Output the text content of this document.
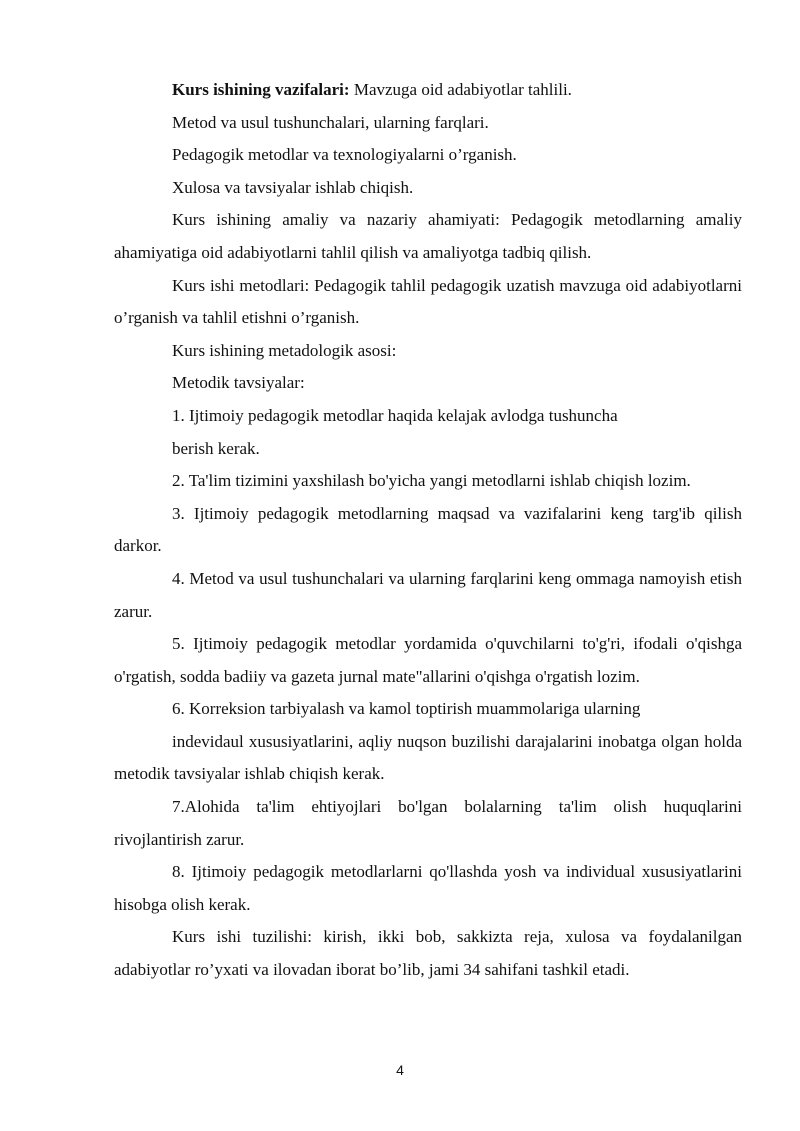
Kurs ishining vazifalari: Mavzuga oid adabiyotlar tahlili.

Metod va usul tushunchalari, ularning farqlari.

Pedagogik metodlar va texnologiyalarni o’rganish.

Xulosa va tavsiyalar ishlab chiqish.

Kurs ishining amaliy va nazariy ahamiyati: Pedagogik metodlarning amaliy ahamiyatiga oid adabiyotlarni tahlil qilish va amaliyotga tadbiq qilish.

Kurs ishi metodlari: Pedagogik tahlil pedagogik uzatish mavzuga oid adabiyotlarni o’rganish va tahlil etishni o’rganish.

Kurs ishining metadologik asosi:

Metodik tavsiyalar:

1. Ijtimoiy pedagogik metodlar haqida kelajak avlodga tushuncha

berish kerak.

2. Ta'lim tizimini yaxshilash bo'yicha yangi metodlarni ishlab chiqish lozim.

3. Ijtimoiy pedagogik metodlarning maqsad va vazifalarini keng targ'ib qilish darkor.

4. Metod va usul tushunchalari va ularning farqlarini keng ommaga namoyish etish zarur.

5. Ijtimoiy pedagogik metodlar yordamida o'quvchilarni to'g'ri, ifodali o'qishga o'rgatish, sodda badiiy va gazeta jurnal mate"allarini o'qishga o'rgatish lozim.

6. Korreksion tarbiyalash va kamol toptirish muammolariga ularning

indevidaul xususiyatlarini, aqliy nuqson buzilishi darajalarini inobatga olgan holda metodik tavsiyalar ishlab chiqish kerak.

7.Alohida ta'lim ehtiyojlari bo'lgan bolalarning ta'lim olish huquqlarini rivojlantirish zarur.

8. Ijtimoiy pedagogik metodlarlarni qo'llashda yosh va individual xususiyatlarini hisobga olish kerak.

Kurs ishi tuzilishi: kirish, ikki bob, sakkizta reja, xulosa va foydalanilgan adabiyotlar ro’yxati va ilovadan iborat bo’lib, jami 34 sahifani tashkil etadi.

4
